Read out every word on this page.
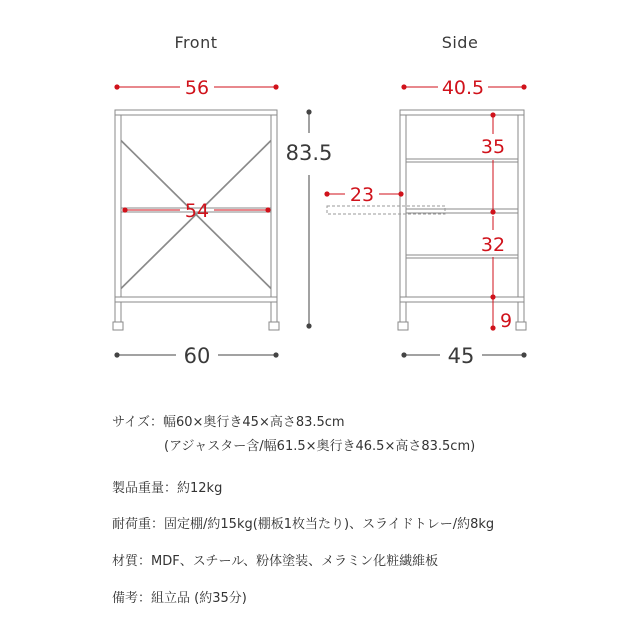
Front
56
54
83.5
60
Side
40.5
23
35
32
9
45
サイズ：幅60×奥行き45×高さ83.5cm
(アジャスター含/幅61.5×奥行き46.5×高さ83.5cm)
製品重量：約12kg
耐荷重：固定棚/約15kg(棚板1枚当たり)、スライドトレー/約8kg
材質：MDF、スチール、粉体塗装、メラミン化粧繊維板
備考：組立品 (約35分)
